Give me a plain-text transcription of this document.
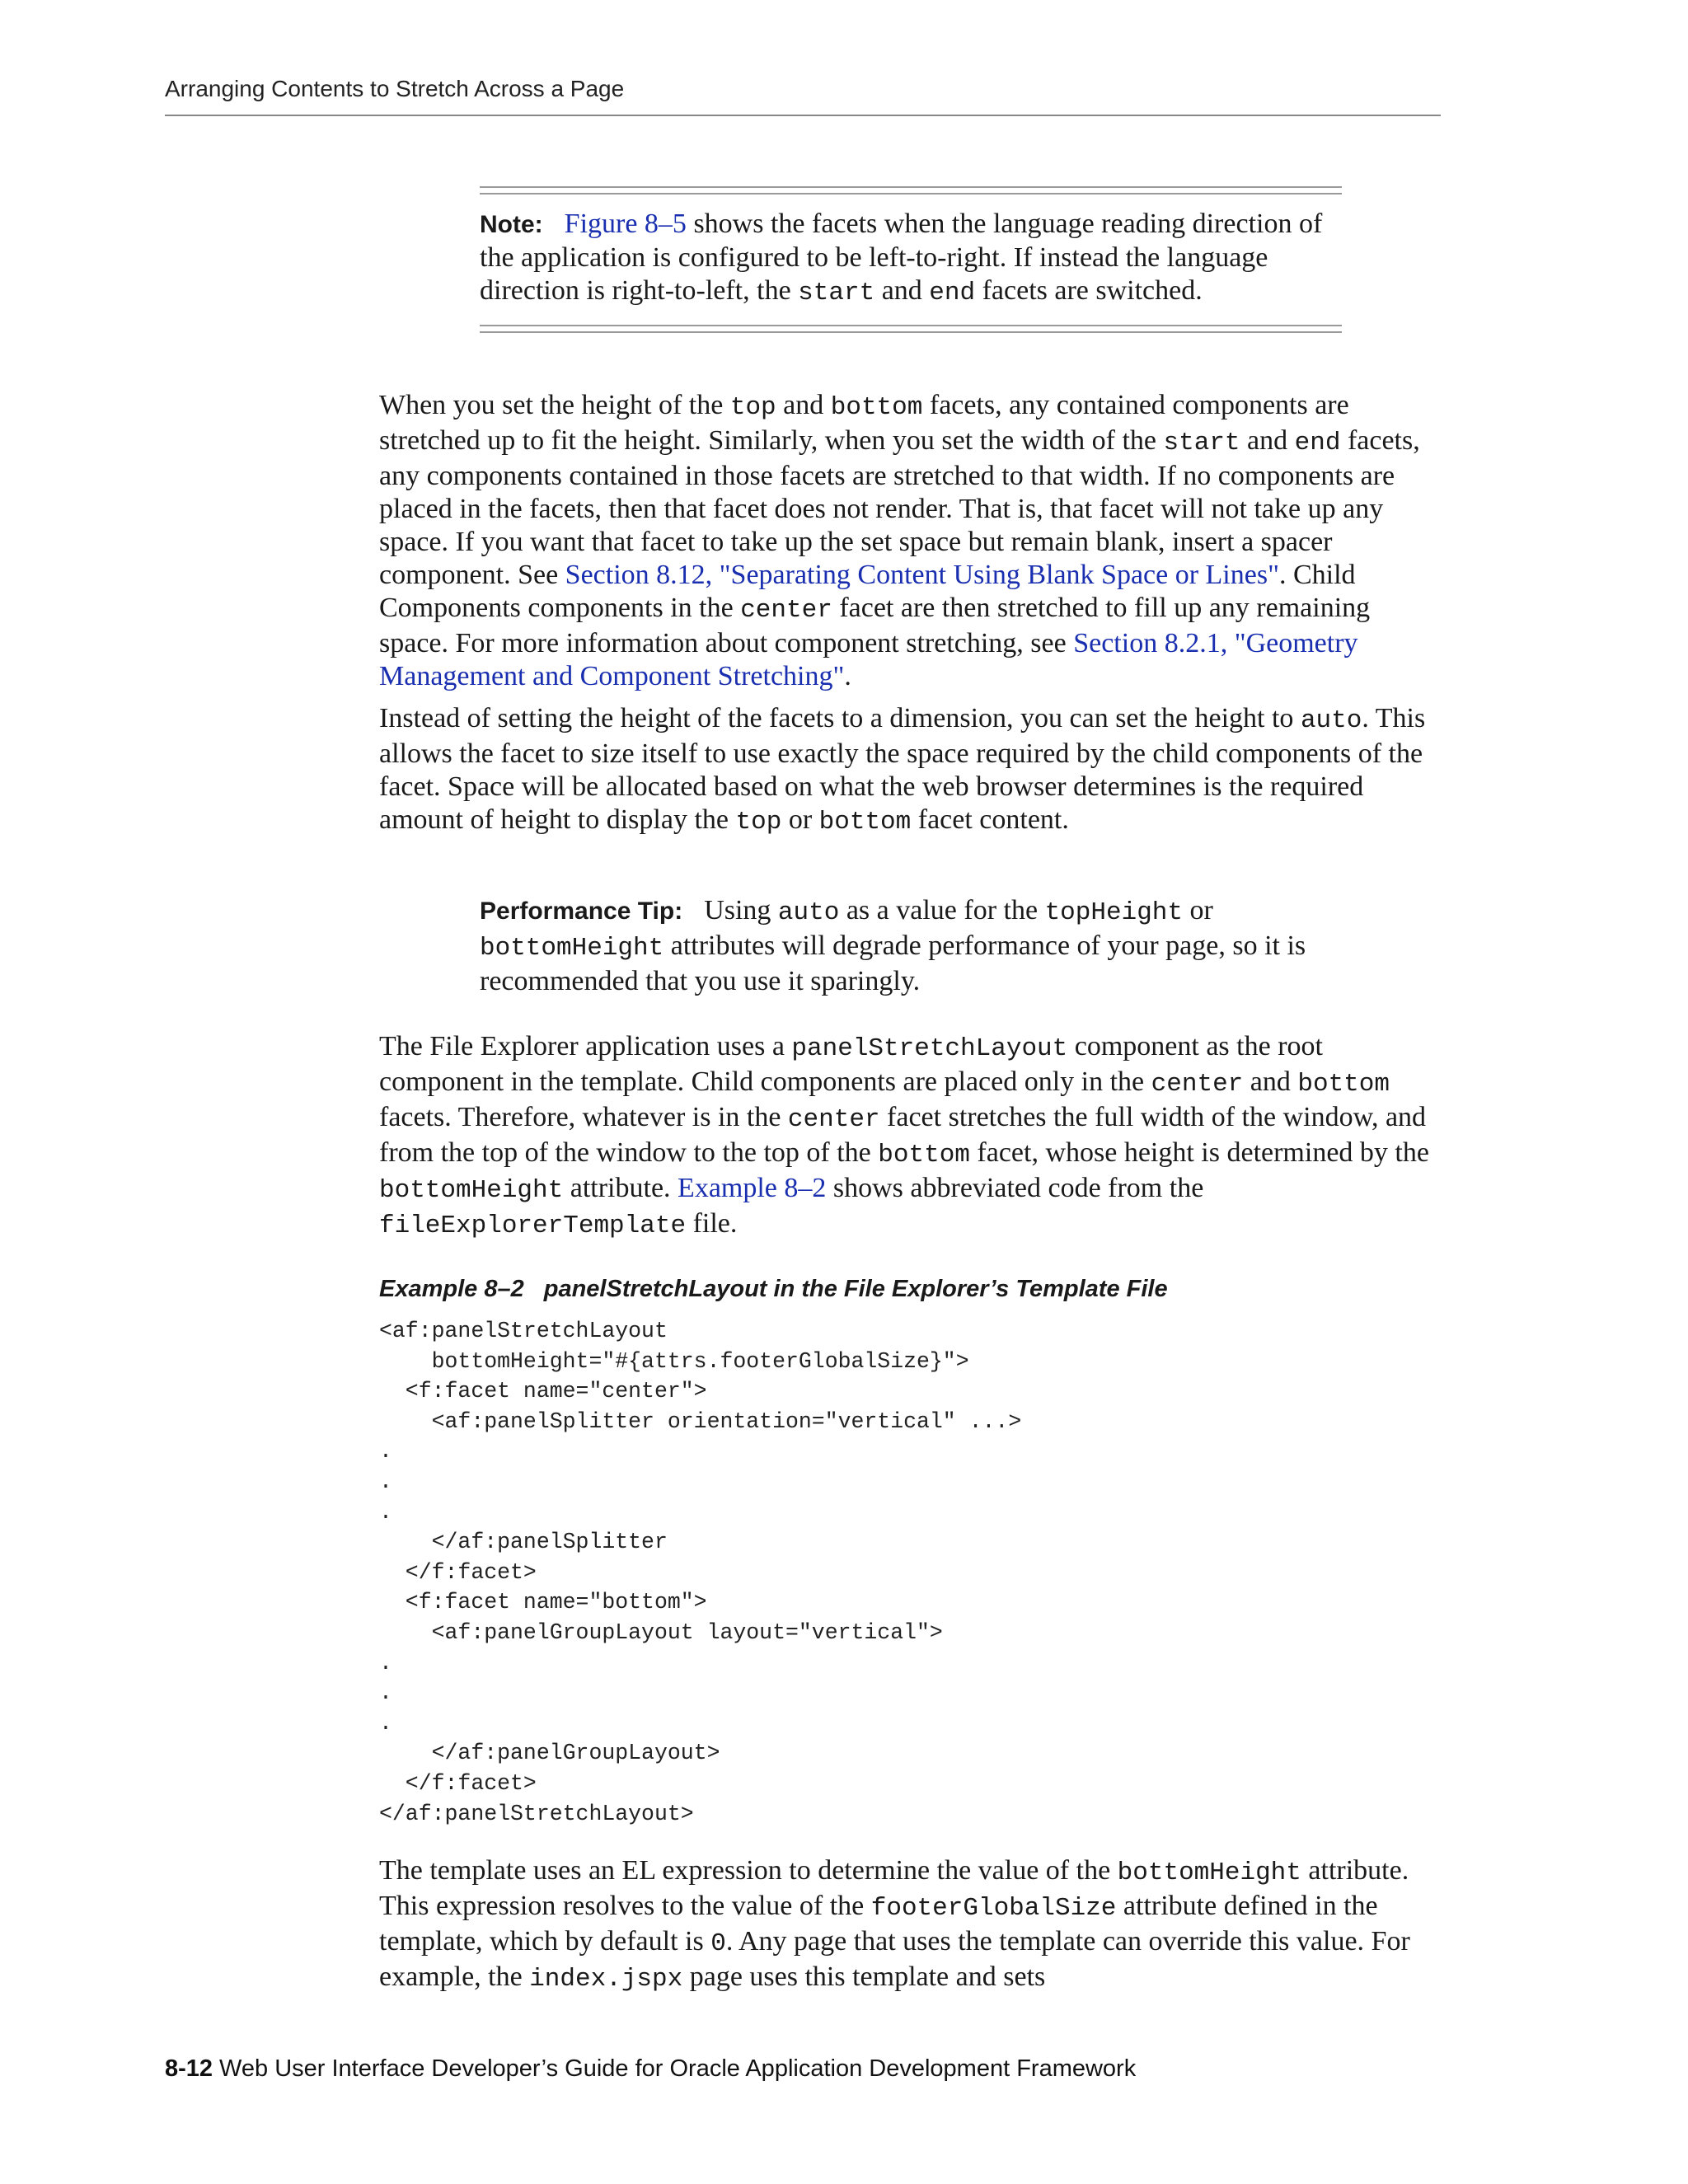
Arranging Contents to Stretch Across a Page
Note: Figure 8–5 shows the facets when the language reading direction of the application is configured to be left-to-right. If instead the language direction is right-to-left, the start and end facets are switched.

When you set the height of the top and bottom facets, any contained components are stretched up to fit the height. Similarly, when you set the width of the start and end facets, any components contained in those facets are stretched to that width. If no components are placed in the facets, then that facet does not render. That is, that facet will not take up any space. If you want that facet to take up the set space but remain blank, insert a spacer component. See Section 8.12, "Separating Content Using Blank Space or Lines". Child Components components in the center facet are then stretched to fill up any remaining space. For more information about component stretching, see Section 8.2.1, "Geometry Management and Component Stretching".

Instead of setting the height of the facets to a dimension, you can set the height to auto. This allows the facet to size itself to use exactly the space required by the child components of the facet. Space will be allocated based on what the web browser determines is the required amount of height to display the top or bottom facet content.

Performance Tip: Using auto as a value for the topHeight or bottomHeight attributes will degrade performance of your page, so it is recommended that you use it sparingly.

The File Explorer application uses a panelStretchLayout component as the root component in the template. Child components are placed only in the center and bottom facets. Therefore, whatever is in the center facet stretches the full width of the window, and from the top of the window to the top of the bottom facet, whose height is determined by the bottomHeight attribute. Example 8–2 shows abbreviated code from the fileExplorerTemplate file.

Example 8–2 panelStretchLayout in the File Explorer’s Template File
<af:panelStretchLayout
bottomHeight="#{attrs.footerGlobalSize}">
<f:facet name="center">
<af:panelSplitter orientation="vertical" ...>
.
.
.
</af:panelSplitter
</f:facet>
<f:facet name="bottom">
<af:panelGroupLayout layout="vertical">
.
.
.
</af:panelGroupLayout>
</f:facet>
</af:panelStretchLayout>

The template uses an EL expression to determine the value of the bottomHeight attribute. This expression resolves to the value of the footerGlobalSize attribute defined in the template, which by default is 0. Any page that uses the template can override this value. For example, the index.jspx page uses this template and sets

8-12 Web User Interface Developer’s Guide for Oracle Application Development Framework
